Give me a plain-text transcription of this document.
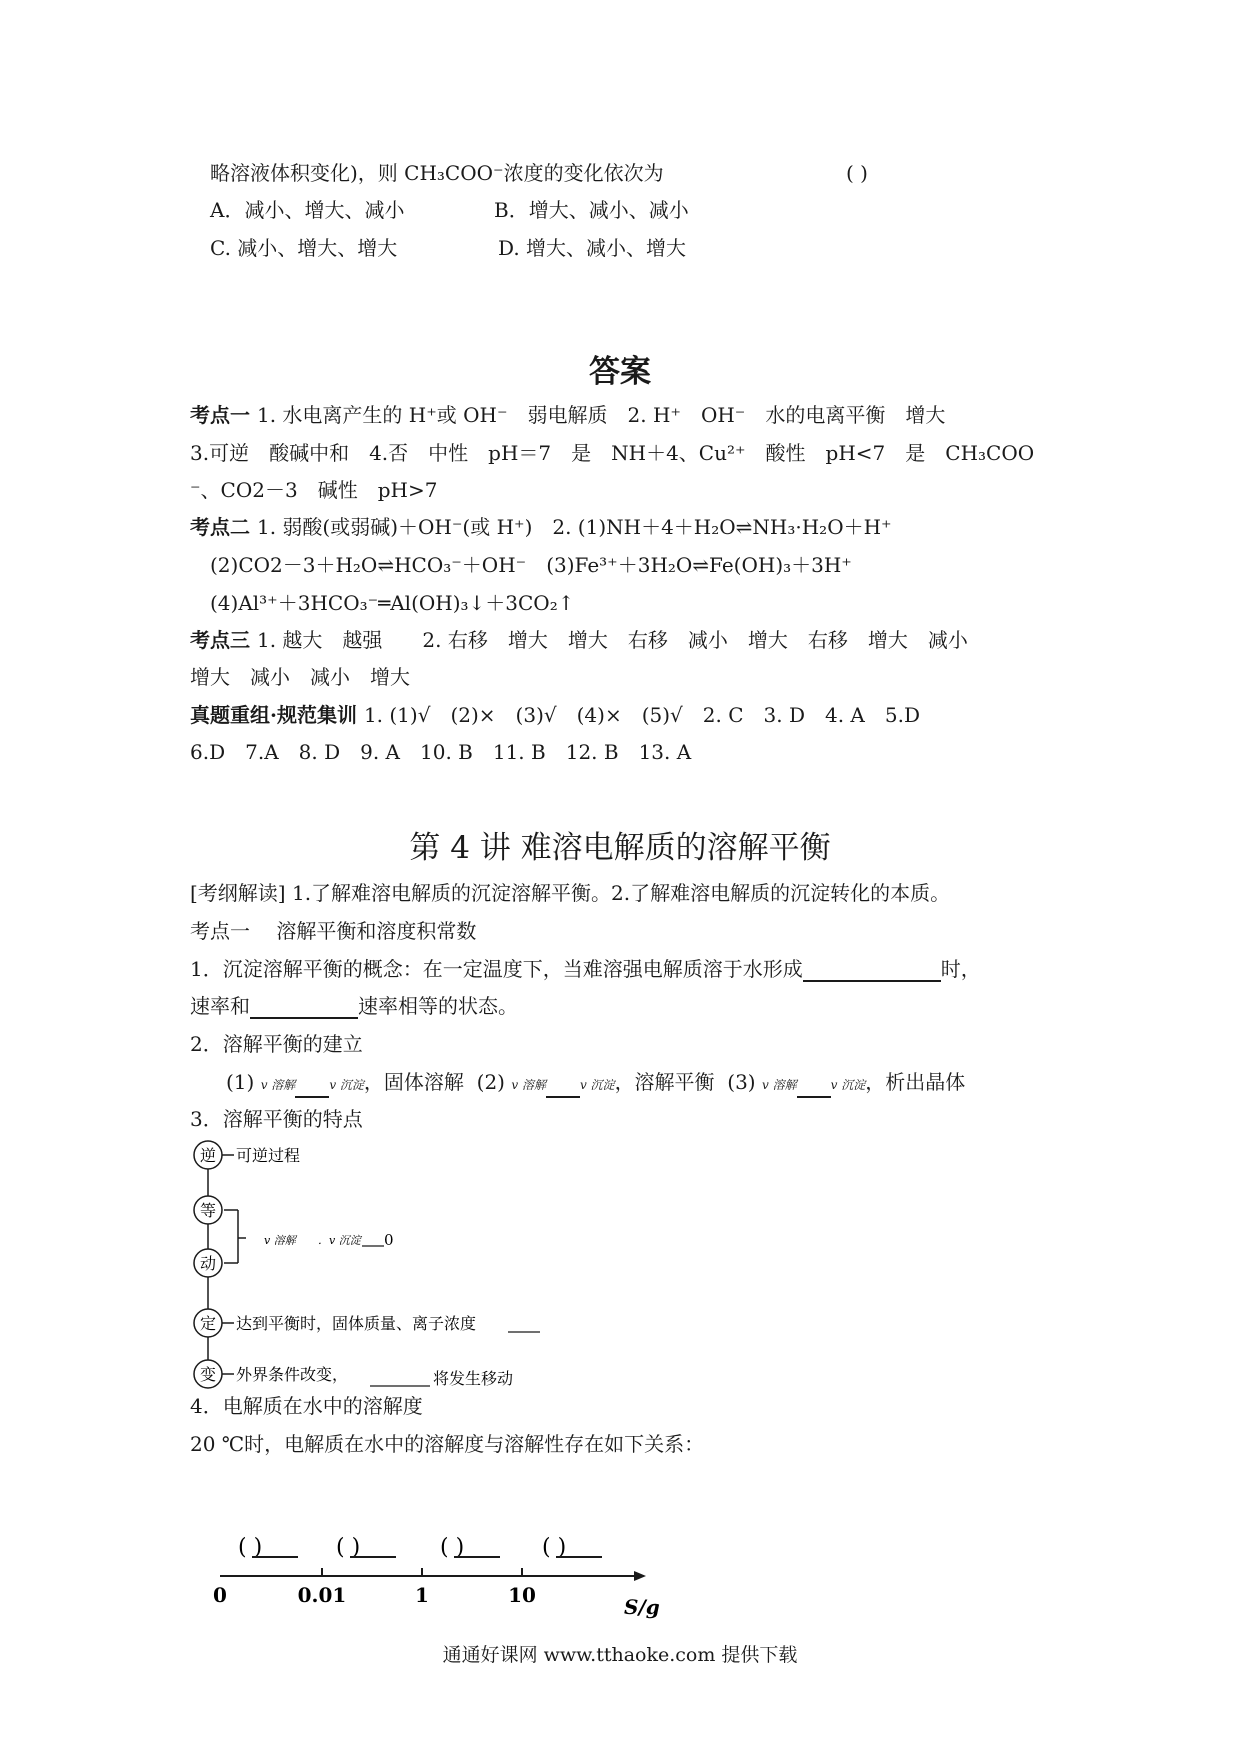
略溶液体积变化)，则 CH₃COO⁻浓度的变化依次为	( )
A．减小、增大、减小	B．增大、减小、减小
C. 减小、增大、增大	D. 增大、减小、增大
答案
考点一 1. 水电离产生的 H⁺或 OH⁻　弱电解质　2. H⁺　OH⁻　水的电离平衡　增大
3.可逆　酸碱中和　4.否　中性　pH＝7　是　NH＋4、Cu²⁺　酸性　pH<7　是　CH₃COO
⁻、CO2－3　碱性　pH>7
考点二 1. 弱酸(或弱碱)＋OH⁻(或 H⁺)　2. (1)NH＋4＋H₂O⇌NH₃·H₂O＋H⁺
　(2)CO2－3＋H₂O⇌HCO₃⁻＋OH⁻　(3)Fe³⁺＋3H₂O⇌Fe(OH)₃＋3H⁺
　(4)Al³⁺＋3HCO₃⁻═Al(OH)₃↓＋3CO₂↑
考点三 1. 越大　越强　　2. 右移　增大　增大　右移　减小　增大　右移　增大　减小
增大　减小　减小　增大
真题重组·规范集训 1. (1)√　(2)×　(3)√　(4)×　(5)√　2. C　3. D　4. A　5.D
6.D　7.A　8. D　9. A　10. B　11. B　12. B　13. A
第 4 讲 难溶电解质的溶解平衡
[考纲解读] 1.了解难溶电解质的沉淀溶解平衡。2.了解难溶电解质的沉淀转化的本质。
考点一　 溶解平衡和溶度积常数
1．沉淀溶解平衡的概念：在一定温度下，当难溶强电解质溶于水形成	时，
速率和	速率相等的状态。
2．溶解平衡的建立
(1) v 溶解	v 沉淀，固体溶解 (2) v 溶解	v 沉淀，溶解平衡 (3) v 溶解	v 沉淀，析出晶体
3．溶解平衡的特点
逆 可逆过程
等
动
定 达到平衡时，固体质量、离子浓度
变 外界条件改变，
v 溶解 ．v 沉淀 0
将发生移动
4．电解质在水中的溶解度
20 ℃时，电解质在水中的溶解度与溶解性存在如下关系：
0	0.01	1	10
( )	( )	( )	( )
S/g
通通好课网 www.tthaoke.com 提供下载
